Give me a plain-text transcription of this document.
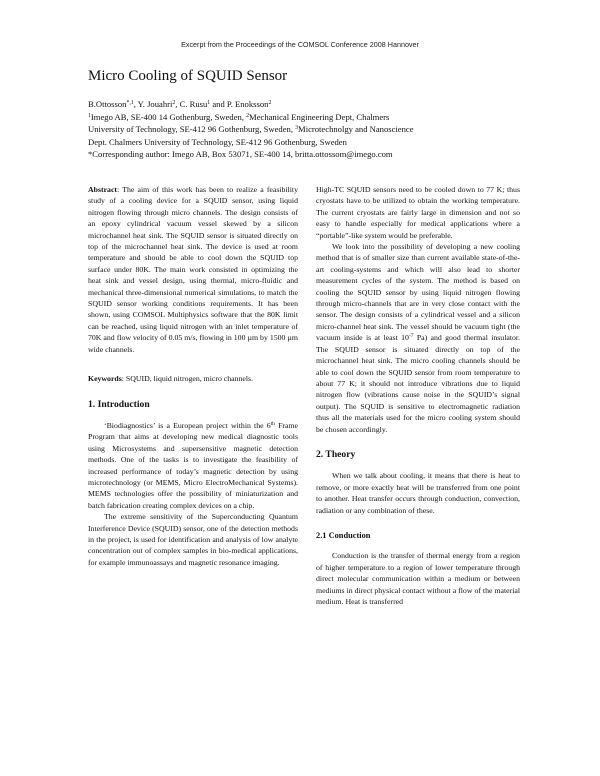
Excerpt from the Proceedings of the COMSOL Conference 2008 Hannover
Micro Cooling of SQUID Sensor
B.Ottosson$^{*,1}$, Y. Jouahri$^2$, C. Rusu$^1$ and P. Enoksson$^2$
$^1$Imego AB, SE-400 14 Gothenburg, Sweden, $^2$Mechanical Engineering Dept, Chalmers
University of Technology, SE-412 96 Gothenburg, Sweden, $^3$Microtechnolgy and Nanoscience
Dept. Chalmers University of Technology, SE-412 96 Gothenburg, Sweden
*Corresponding author: Imego AB, Box 53071, SE-400 14, britta.ottossom@imego.com

Abstract: The aim of this work has been to realize a feasibility study of a cooling device for a SQUID sensor, using liquid nitrogen flowing through micro channels. The design consists of an epoxy cylindrical vacuum vessel skewed by a silicon microchannel heat sink. The SQUID sensor is situated directly on top of the microchannel heat sink. The device is used at room temperature and should be able to cool down the SQUID top surface under 80K. The main work consisted in optimizing the heat sink and vessel design, using thermal, micro-fluidic and mechanical three-dimensional numerical simulations, to match the SQUID sensor working conditions requirements. It has been shown, using COMSOL Multiphysics software that the 80K limit can be reached, using liquid nitrogen with an inlet temperature of 70K and flow velocity of 0.05 m/s, flowing in 100 µm by 1500 µm wide channels.

Keywords: SQUID, liquid nitrogen, micro channels.

1. Introduction

‘Biodiagnostics’ is a European project within the 6th Frame Program that aims at developing new medical diagnostic tools using Microsystems and supersensitive magnetic detection methods. One of the tasks is to investigate the feasibility of increased performance of today’s magnetic detection by using microtechnology (or MEMS, Micro ElectroMechanical Systems). MEMS technologies offer the possibility of miniaturization and batch fabrication creating complex devices on a chip.

The extreme sensitivity of the Superconducting Quantum Interference Device (SQUID) sensor, one of the detection methods in the project, is used for identification and analysis of low analyte concentration out of complex samples in bio-medical applications, for example immunoassays and magnetic resonance imaging.

High-TC SQUID sensors need to be cooled down to 77 K; thus cryostats have to be utilized to obtain the working temperature. The current cryostats are fairly large in dimension and not so easy to handle especially for medical applications where a “portable”-like system would be preferable.

We look into the possibility of developing a new cooling method that is of smaller size than current available state-of-the-art cooling-systems and which will also lead to shorter measurement cycles of the system. The method is based on cooling the SQUID sensor by using liquid nitrogen flowing through micro-channels that are in very close contact with the sensor. The design consists of a cylindrical vessel and a silicon micro-channel heat sink. The vessel should be vacuum tight (the vacuum inside is at least $10^{-7}$ Pa) and good thermal insulator. The SQUID sensor is situated directly on top of the microchannel heat sink. The micro cooling channels should be able to cool down the SQUID sensor from room temperature to about 77 K; it should not introduce vibrations due to liquid nitrogen flow (vibrations cause noise in the SQUID’s signal output). The SQUID is sensitive to electromagnetic radiation thus all the materials used for the micro cooling system should be chosen accordingly.

2. Theory

When we talk about cooling, it means that there is heat to remove, or more exactly heat will be transferred from one point to another. Heat transfer occurs through conduction, convection, radiation or any combination of these.

2.1 Conduction

Conduction is the transfer of thermal energy from a region of higher temperature to a region of lower temperature through direct molecular communication within a medium or between mediums in direct physical contact without a flow of the material medium. Heat is transferred
